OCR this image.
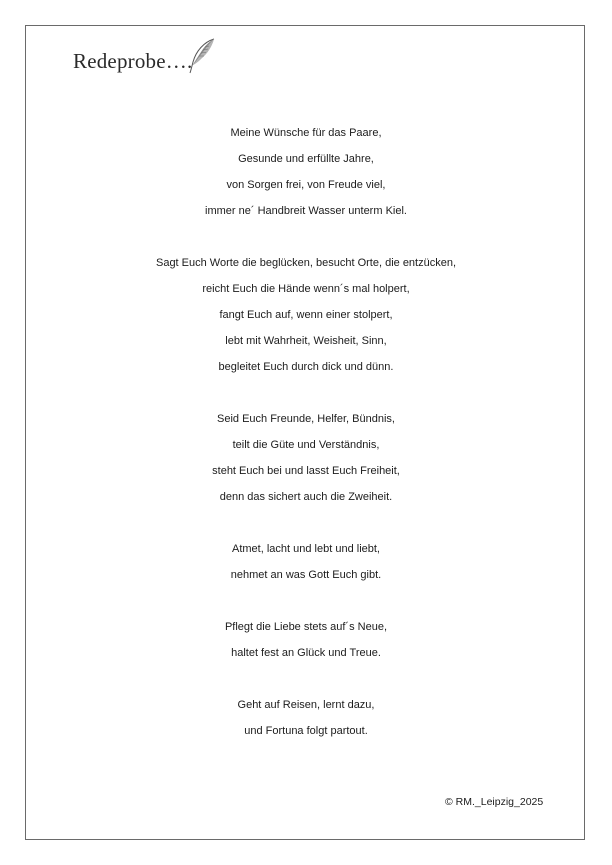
Redeprobe….
Meine Wünsche für das Paare,
Gesunde und erfüllte Jahre,
von Sorgen frei, von Freude viel,
immer ne´ Handbreit Wasser unterm Kiel.
Sagt Euch Worte die beglücken, besucht Orte, die entzücken,
reicht Euch die Hände wenn´s mal holpert,
fangt Euch auf, wenn einer stolpert,
lebt mit Wahrheit, Weisheit, Sinn,
begleitet Euch durch dick und dünn.
Seid Euch Freunde, Helfer, Bündnis,
teilt die Güte und Verständnis,
steht Euch bei und lasst Euch Freiheit,
denn das sichert auch die Zweiheit.
Atmet, lacht und lebt und liebt,
nehmet an was Gott Euch gibt.
Pflegt die Liebe stets auf´s Neue,
haltet fest an Glück und Treue.
Geht auf Reisen, lernt dazu,
und Fortuna folgt partout.
© RM._Leipzig_2025
